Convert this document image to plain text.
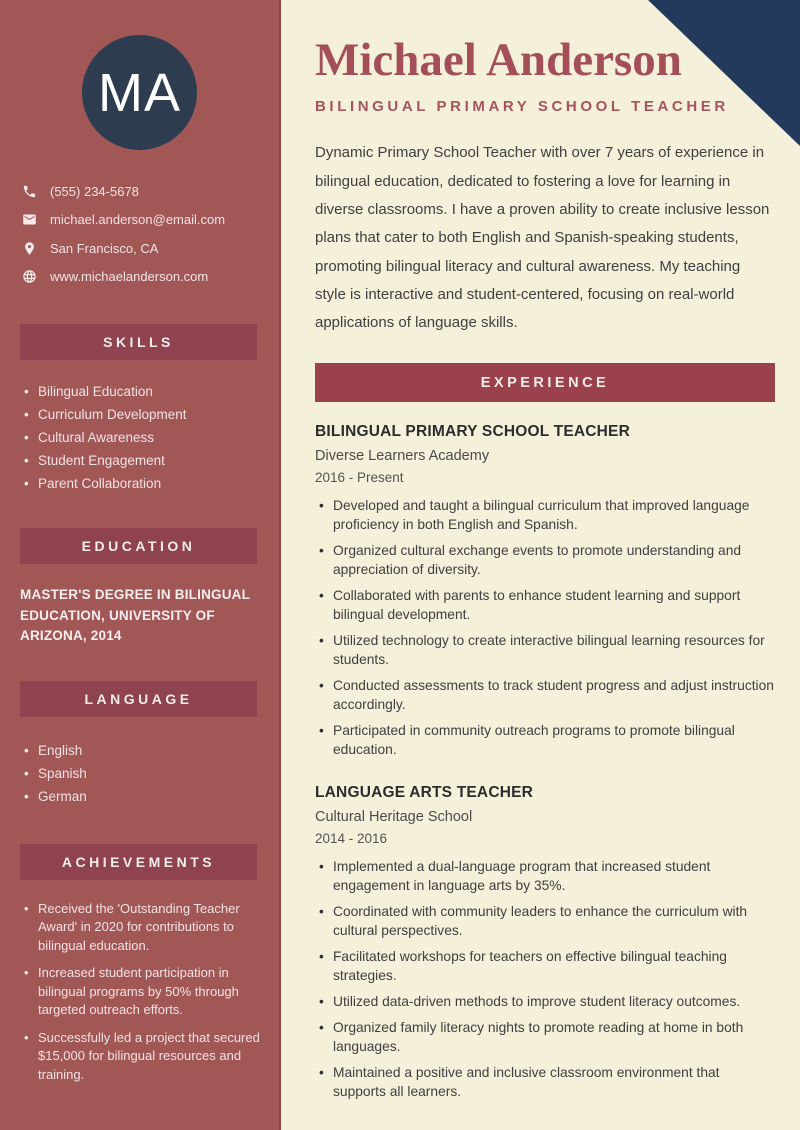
MA
(555) 234-5678
michael.anderson@email.com
San Francisco, CA
www.michaelanderson.com
SKILLS
• Bilingual Education
• Curriculum Development
• Cultural Awareness
• Student Engagement
• Parent Collaboration
EDUCATION

MASTER'S DEGREE IN BILINGUAL EDUCATION, UNIVERSITY OF ARIZONA, 2014

LANGUAGE
• English
• Spanish
• German
ACHIEVEMENTS
• Received the 'Outstanding Teacher Award' in 2020 for contributions to bilingual education.
• Increased student participation in bilingual programs by 50% through targeted outreach efforts.
• Successfully led a project that secured $15,000 for bilingual resources and training.
Michael Anderson
BILINGUAL PRIMARY SCHOOL TEACHER

Dynamic Primary School Teacher with over 7 years of experience in bilingual education, dedicated to fostering a love for learning in diverse classrooms. I have a proven ability to create inclusive lesson plans that cater to both English and Spanish-speaking students, promoting bilingual literacy and cultural awareness. My teaching style is interactive and student-centered, focusing on real-world applications of language skills.

EXPERIENCE
BILINGUAL PRIMARY SCHOOL TEACHER
Diverse Learners Academy
2016 - Present
• Developed and taught a bilingual curriculum that improved language proficiency in both English and Spanish.
• Organized cultural exchange events to promote understanding and appreciation of diversity.
• Collaborated with parents to enhance student learning and support bilingual development.
• Utilized technology to create interactive bilingual learning resources for students.
• Conducted assessments to track student progress and adjust instruction accordingly.
• Participated in community outreach programs to promote bilingual education.
LANGUAGE ARTS TEACHER
Cultural Heritage School
2014 - 2016
• Implemented a dual-language program that increased student engagement in language arts by 35%.
• Coordinated with community leaders to enhance the curriculum with cultural perspectives.
• Facilitated workshops for teachers on effective bilingual teaching strategies.
• Utilized data-driven methods to improve student literacy outcomes.
• Organized family literacy nights to promote reading at home in both languages.
• Maintained a positive and inclusive classroom environment that supports all learners.
